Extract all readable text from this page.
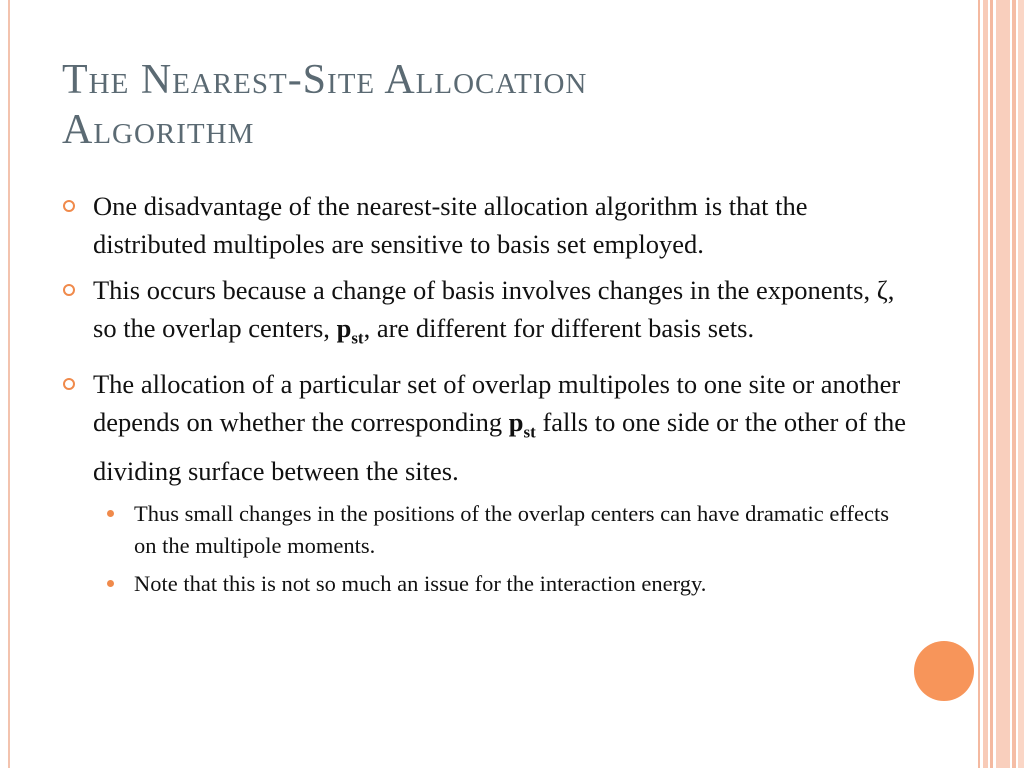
The Nearest-Site Allocation
Algorithm
One disadvantage of the nearest-site allocation algorithm is that the distributed multipoles are sensitive to basis set employed.
This occurs because a change of basis involves changes in the exponents, ζ, so the overlap centers, $p_{st}$, are different for different basis sets.
The allocation of a particular set of overlap multipoles to one site or another depends on whether the corresponding $p_{st}$ falls to one side or the other of the dividing surface between the sites.
Thus small changes in the positions of the overlap centers can have dramatic effects on the multipole moments.
Note that this is not so much an issue for the interaction energy.
